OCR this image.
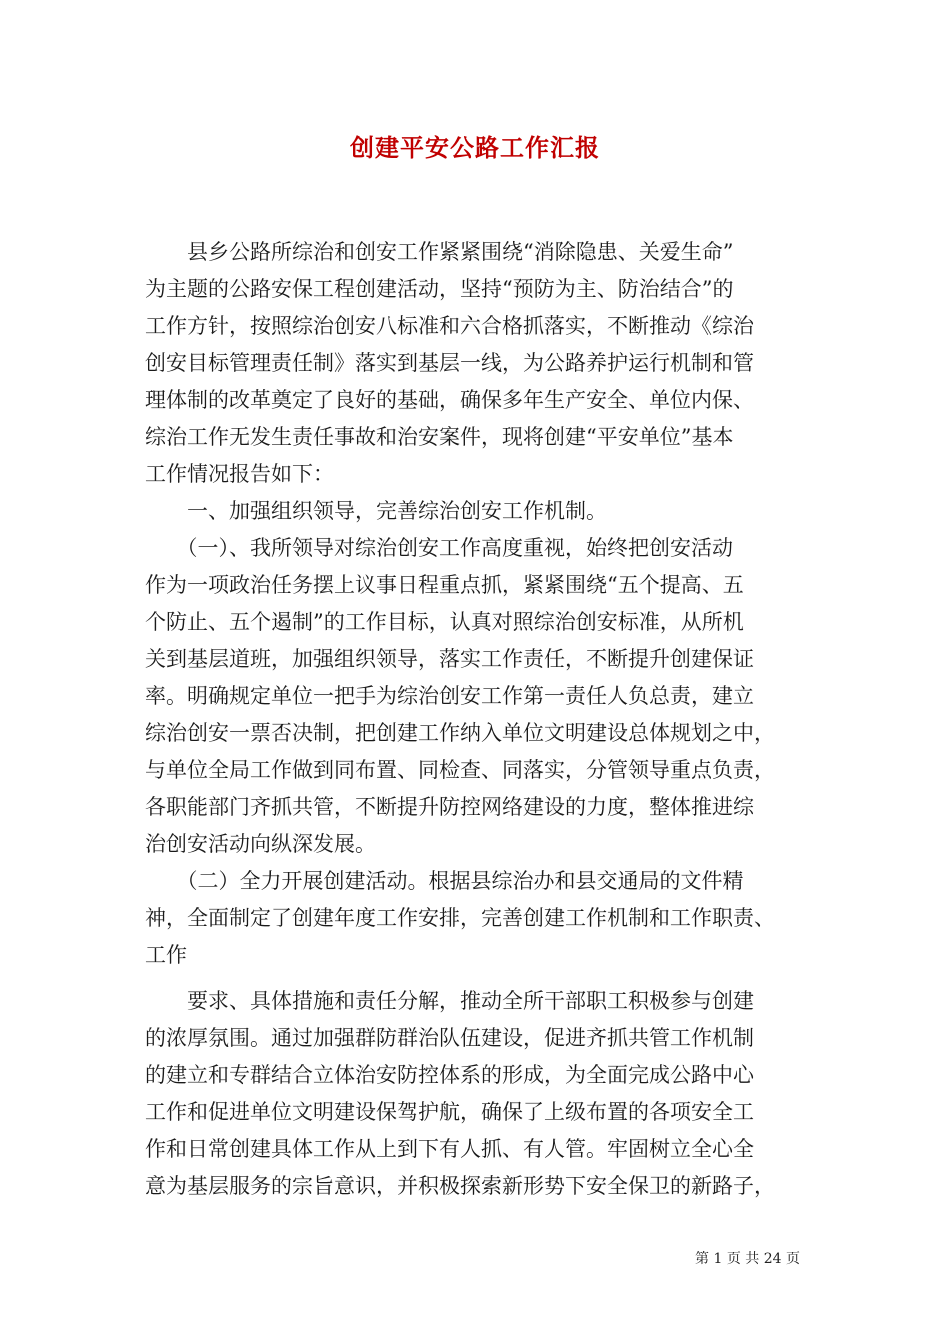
创建平安公路工作汇报
　　县乡公路所综治和创安工作紧紧围绕“消除隐患、关爱生命”
为主题的公路安保工程创建活动，坚持“预防为主、防治结合”的
工作方针，按照综治创安八标准和六合格抓落实，不断推动《综治
创安目标管理责任制》落实到基层一线，为公路养护运行机制和管
理体制的改革奠定了良好的基础，确保多年生产安全、单位内保、
综治工作无发生责任事故和治安案件，现将创建“平安单位”基本
工作情况报告如下：
　　一、加强组织领导，完善综治创安工作机制。
　　（一）、我所领导对综治创安工作高度重视，始终把创安活动
作为一项政治任务摆上议事日程重点抓，紧紧围绕“五个提高、五
个防止、五个遏制”的工作目标，认真对照综治创安标准，从所机
关到基层道班，加强组织领导，落实工作责任，不断提升创建保证
率。明确规定单位一把手为综治创安工作第一责任人负总责，建立
综治创安一票否决制，把创建工作纳入单位文明建设总体规划之中，
与单位全局工作做到同布置、同检查、同落实，分管领导重点负责，
各职能部门齐抓共管，不断提升防控网络建设的力度，整体推进综
治创安活动向纵深发展。
　　（二）全力开展创建活动。根据县综治办和县交通局的文件精
神，全面制定了创建年度工作安排，完善创建工作机制和工作职责、
工作
　　要求、具体措施和责任分解，推动全所干部职工积极参与创建
的浓厚氛围。通过加强群防群治队伍建设，促进齐抓共管工作机制
的建立和专群结合立体治安防控体系的形成，为全面完成公路中心
工作和促进单位文明建设保驾护航，确保了上级布置的各项安全工
作和日常创建具体工作从上到下有人抓、有人管。牢固树立全心全
意为基层服务的宗旨意识，并积极探索新形势下安全保卫的新路子，
第 1 页 共 24 页
